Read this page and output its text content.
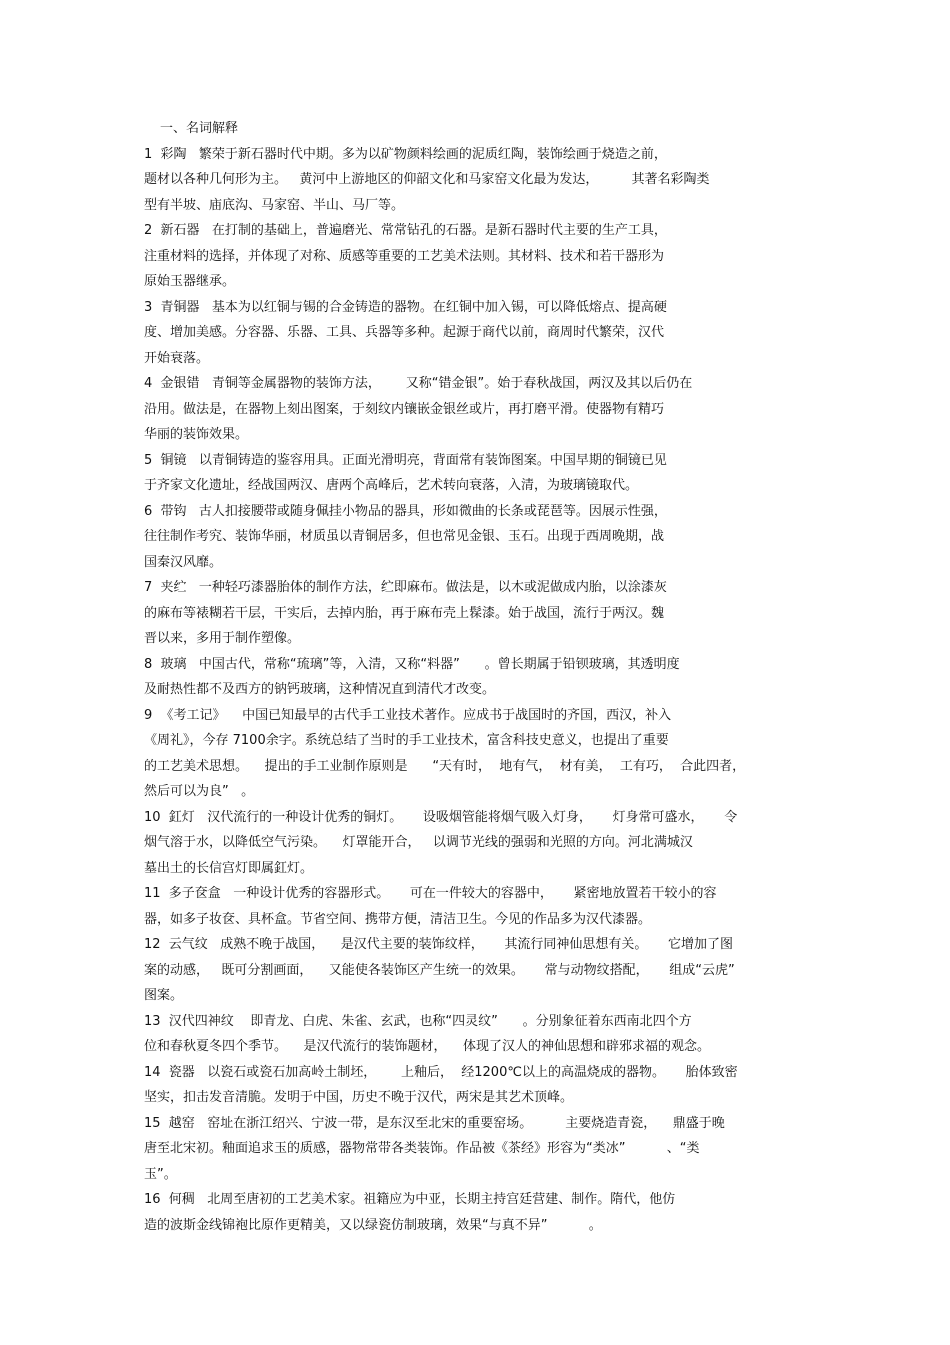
一、名词解释
1  彩陶   繁荣于新石器时代中期。多为以矿物颜料绘画的泥质红陶，装饰绘画于烧造之前，
题材以各种几何形为主。   黄河中上游地区的仰韶文化和马家窑文化最为发达，        其著名彩陶类
型有半坡、庙底沟、马家窑、半山、马厂等。
2  新石器   在打制的基础上，普遍磨光、常常钻孔的石器。是新石器时代主要的生产工具，
注重材料的选择，并体现了对称、质感等重要的工艺美术法则。其材料、技术和若干器形为
原始玉器继承。
3  青铜器   基本为以红铜与锡的合金铸造的器物。在红铜中加入锡，可以降低熔点、提高硬
度、增加美感。分容器、乐器、工具、兵器等多种。起源于商代以前，商周时代繁荣，汉代
开始衰落。
4  金银错   青铜等金属器物的装饰方法，      又称“错金银”。始于春秋战国，两汉及其以后仍在
沿用。做法是，在器物上刻出图案，于刻纹内镶嵌金银丝或片，再打磨平滑。使器物有精巧
华丽的装饰效果。
5  铜镜   以青铜铸造的鉴容用具。正面光滑明亮，背面常有装饰图案。中国早期的铜镜已见
于齐家文化遗址，经战国两汉、唐两个高峰后，艺术转向衰落，入清，为玻璃镜取代。
6  带钩   古人扣接腰带或随身佩挂小物品的器具，形如微曲的长条或琵琶等。因展示性强，
往往制作考究、装饰华丽，材质虽以青铜居多，但也常见金银、玉石。出现于西周晚期，战
国秦汉风靡。
7  夹纻   一种轻巧漆器胎体的制作方法，纻即麻布。做法是，以木或泥做成内胎，以涂漆灰
的麻布等裱糊若干层，干实后，去掉内胎，再于麻布壳上髹漆。始于战国，流行于两汉。魏
晋以来，多用于制作塑像。
8  玻璃   中国古代，常称“琉璃”等，入清，又称“料器”      。曾长期属于铅钡玻璃，其透明度
及耐热性都不及西方的钠钙玻璃，这种情况直到清代才改变。
9  《考工记》    中国已知最早的古代手工业技术著作。应成书于战国时的齐国，西汉，补入
《周礼》，今存 7100余字。系统总结了当时的手工业技术，富含科技史意义，也提出了重要
的工艺美术思想。    提出的手工业制作原则是      “天有时，  地有气，  材有美，  工有巧，  合此四者，
然后可以为良”   。
10  釭灯   汉代流行的一种设计优秀的铜灯。     设吸烟管能将烟气吸入灯身，     灯身常可盛水，     令
烟气溶于水，以降低空气污染。    灯罩能开合，   以调节光线的强弱和光照的方向。河北满城汉
墓出土的长信宫灯即属釭灯。
11  多子奁盒   一种设计优秀的容器形式。     可在一件较大的容器中，     紧密地放置若干较小的容
器，如多子妆奁、具杯盒。节省空间、携带方便，清洁卫生。今见的作品多为汉代漆器。
12  云气纹   成熟不晚于战国，    是汉代主要的装饰纹样，     其流行同神仙思想有关。     它增加了图
案的动感，   既可分割画面，    又能使各装饰区产生统一的效果。     常与动物纹搭配，     组成“云虎”
图案。
13  汉代四神纹    即青龙、白虎、朱雀、玄武，也称“四灵纹”      。分别象征着东西南北四个方
位和春秋夏冬四个季节。    是汉代流行的装饰题材，    体现了汉人的神仙思想和辟邪求福的观念。
14  瓷器   以瓷石或瓷石加高岭土制坯，      上釉后，  经1200℃以上的高温烧成的器物。     胎体致密
坚实，扣击发音清脆。发明于中国，历史不晚于汉代，两宋是其艺术顶峰。
15  越窑   窑址在浙江绍兴、宁波一带，是东汉至北宋的重要窑场。        主要烧造青瓷，    鼎盛于晚
唐至北宋初。釉面追求玉的质感，器物常带各类装饰。作品被《茶经》形容为“类冰”          、“类
玉”。
16  何稠   北周至唐初的工艺美术家。祖籍应为中亚，长期主持宫廷营建、制作。隋代，他仿
造的波斯金线锦袍比原作更精美，又以绿瓷仿制玻璃，效果“与真不异”          。
